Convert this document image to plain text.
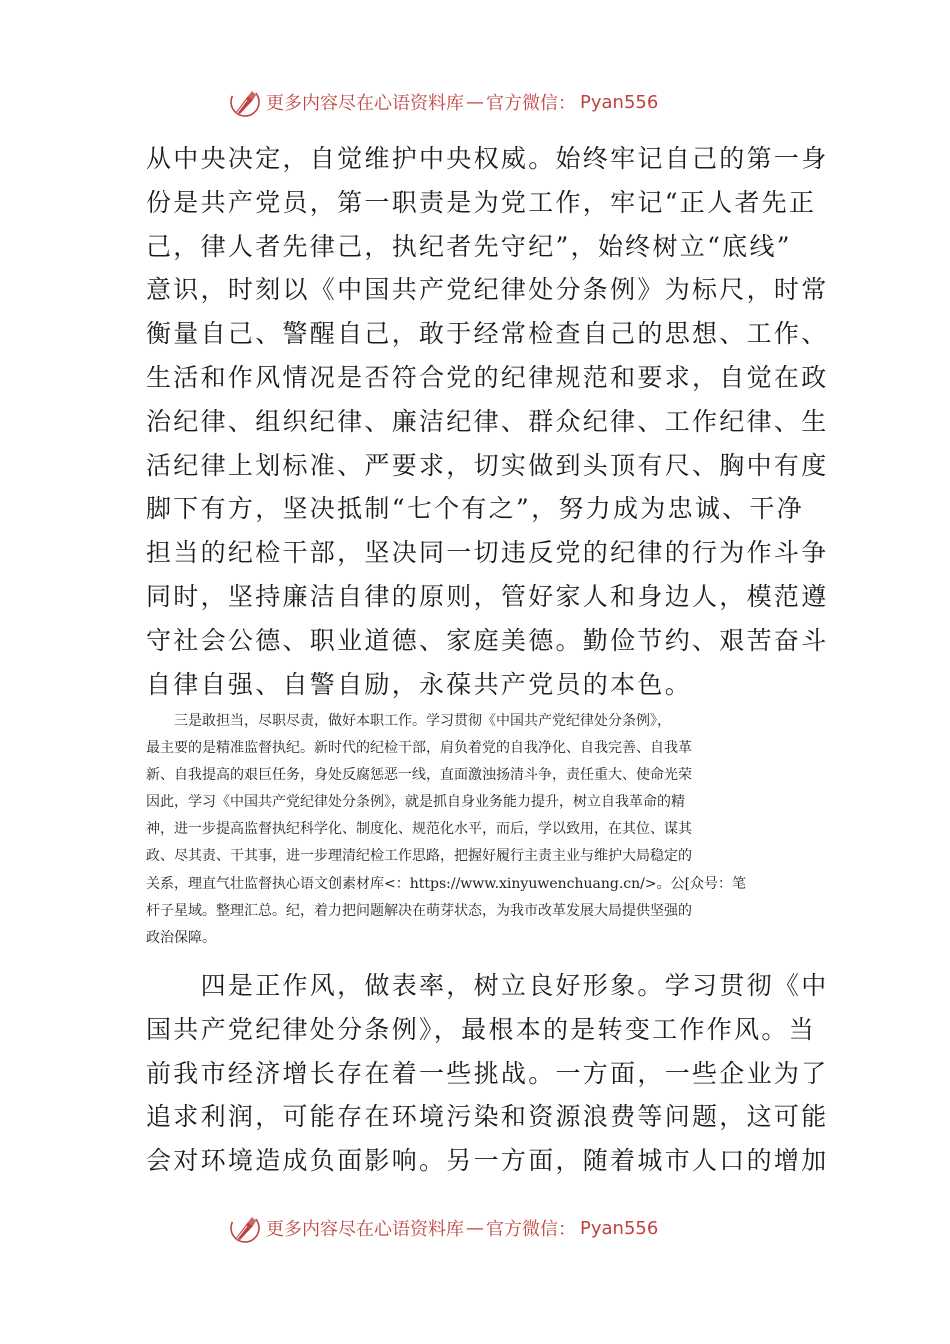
更多内容尽在心语资料库 — 官方微信： Pyan556
从中央决定，自觉维护中央权威。始终牢记自己的第一身
份是共产党员，第一职责是为党工作，牢记“正人者先正
己，律人者先律己，执纪者先守纪”，始终树立“底线”
意识，时刻以《中国共产党纪律处分条例》为标尺，时常
衡量自己、警醒自己，敢于经常检查自己的思想、工作、
生活和作风情况是否符合党的纪律规范和要求，自觉在政
治纪律、组织纪律、廉洁纪律、群众纪律、工作纪律、生
活纪律上划标准、严要求，切实做到头顶有尺、胸中有度
脚下有方，坚决抵制“七个有之”，努力成为忠诚、干净
担当的纪检干部，坚决同一切违反党的纪律的行为作斗争
同时，坚持廉洁自律的原则，管好家人和身边人，模范遵
守社会公德、职业道德、家庭美德。勤俭节约、艰苦奋斗
自律自强、自警自励，永葆共产党员的本色。
　　三是敢担当，尽职尽责，做好本职工作。学习贯彻《中国共产党纪律处分条例》，
最主要的是精准监督执纪。新时代的纪检干部，肩负着党的自我净化、自我完善、自我革
新、自我提高的艰巨任务，身处反腐惩恶一线，直面激浊扬清斗争，责任重大、使命光荣
因此，学习《中国共产党纪律处分条例》，就是抓自身业务能力提升，树立自我革命的精
神，进一步提高监督执纪科学化、制度化、规范化水平，而后，学以致用，在其位、谋其
政、尽其责、干其事，进一步理清纪检工作思路，把握好履行主责主业与维护大局稳定的
关系，理直气壮监督执心语文创素材库<：https://www.xinyuwenchuang.cn/>。公[众号：笔
杆子星域。整理汇总。纪，着力把问题解决在萌芽状态，为我市改革发展大局提供坚强的
政治保障。
　　四是正作风，做表率，树立良好形象。学习贯彻《中
国共产党纪律处分条例》，最根本的是转变工作作风。当
前我市经济增长存在着一些挑战。一方面，一些企业为了
追求利润，可能存在环境污染和资源浪费等问题，这可能
会对环境造成负面影响。另一方面，随着城市人口的增加
更多内容尽在心语资料库 — 官方微信： Pyan556
